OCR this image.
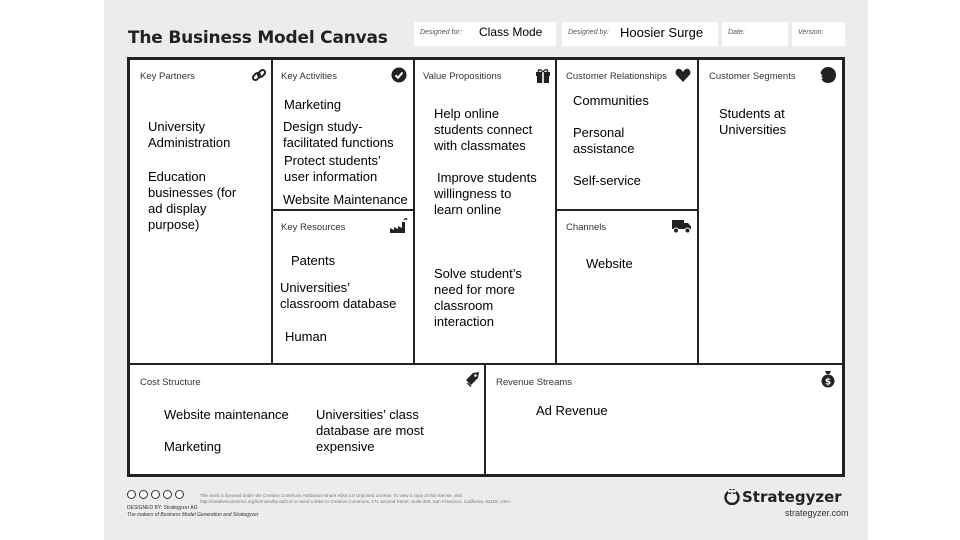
The Business Model Canvas	Designed for: Class Mode	Designed by: Hoosier Surge	Date:	Version:
Key Partners
University
Administration
Education
businesses (for
ad display
purpose)
Key Activities
Marketing
Design study-
facilitated functions
Protect students’
user information
Website Maintenance
Key Resources
Patents
Universities’
classroom database
Human
Value Propositions
Help online
students connect
with classmates
Improve students
willingness to
learn online
Solve student’s
need for more
classroom
interaction
Customer Relationships
Communities
Personal
assistance
Self-service
Channels
Website
Customer Segments
Students at
Universities
Cost Structure
Website maintenance
Marketing
Universities’ class
database are most
expensive
Revenue Streams	$
Ad Revenue
This work is licensed under the Creative Commons Attribution-Share Alike 3.0 Unported License. To view a copy of this license, visit
http://creativecommons.org/licenses/by-sa/3.0/ or send a letter to Creative Commons, 171 Second Street, Suite 300, San Francisco, California, 94105, USA.
DESIGNED BY: Strategyzer AG
The makers of Business Model Generation and Strategyzer
Strategyzer
strategyzer.com
